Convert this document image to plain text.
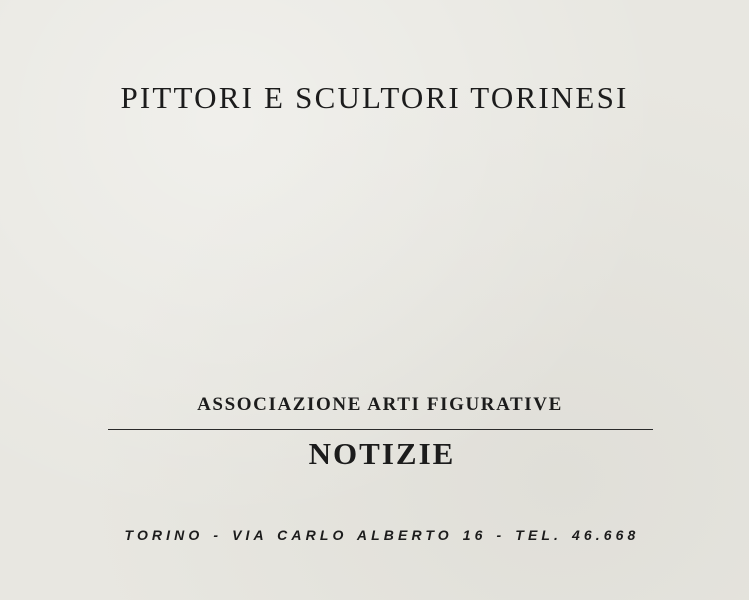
PITTORI E SCULTORI TORINESI
ASSOCIAZIONE ARTI FIGURATIVE
NOTIZIE
TORINO - VIA CARLO ALBERTO 16 - TEL. 46.668
